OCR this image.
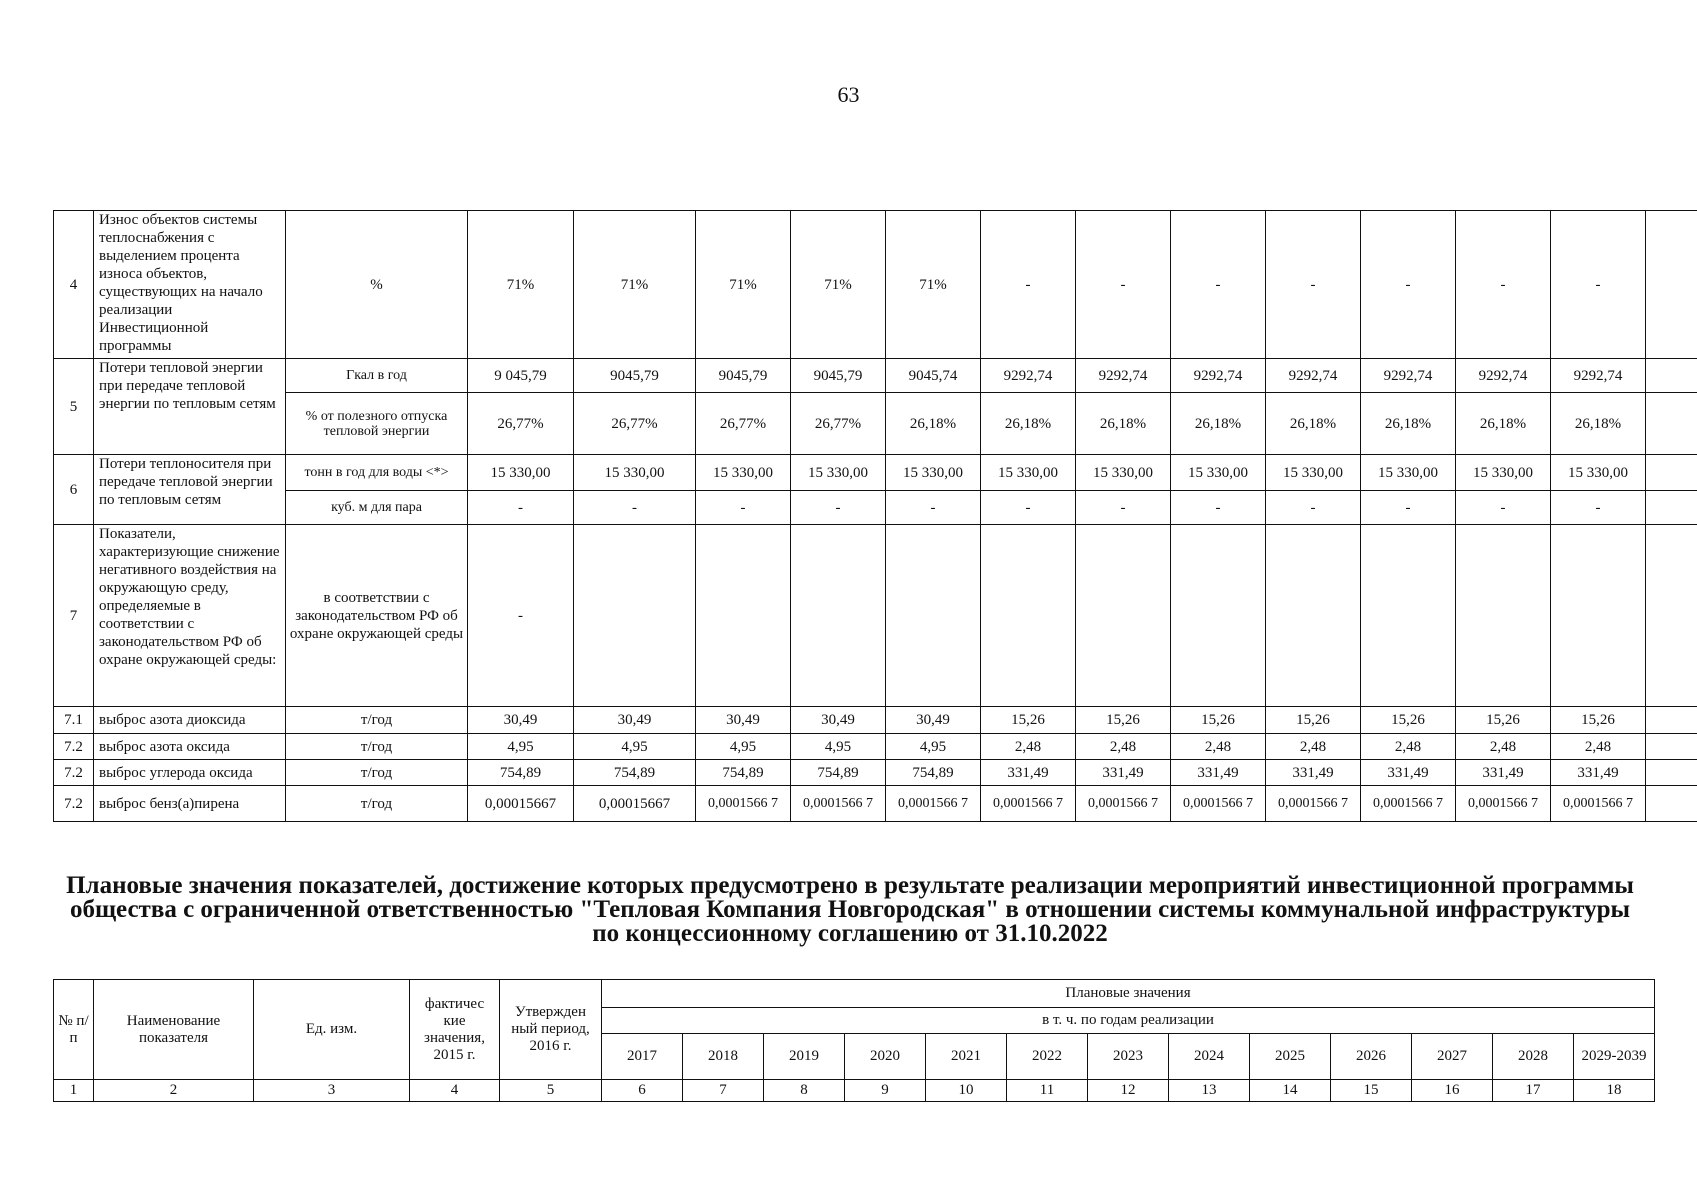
63
4	Износ объектов системы теплоснабжения с выделением процента износа объектов, существующих на начало реализации Инвестиционной программы	%	71%	71%	71%	71%	71%	-	-	-	-	-	-	-	
5	Потери тепловой энергии при передаче тепловой энергии по тепловым сетям	Гкал в год	9 045,79	9045,79	9045,79	9045,79	9045,74	9292,74	9292,74	9292,74	9292,74	9292,74	9292,74	9292,74	
		% от полезного отпуска тепловой энергии	26,77%	26,77%	26,77%	26,77%	26,18%	26,18%	26,18%	26,18%	26,18%	26,18%	26,18%	26,18%	
6	Потери теплоносителя при передаче тепловой энергии по тепловым сетям	тонн в год для воды <*>	15 330,00	15 330,00	15 330,00	15 330,00	15 330,00	15 330,00	15 330,00	15 330,00	15 330,00	15 330,00	15 330,00	15 330,00	
		куб. м для пара	-	-	-	-	-	-	-	-	-	-	-	-	
7	Показатели, характеризующие снижение негативного воздействия на окружающую среду, определяемые в соответствии с законодательством РФ об охране окружающей среды:	в соответствии с законодательством РФ об охране окружающей среды	-												
7.1	выброс азота диоксида	т/год	30,49	30,49	30,49	30,49	30,49	15,26	15,26	15,26	15,26	15,26	15,26	15,26	
7.2	выброс азота оксида	т/год	4,95	4,95	4,95	4,95	4,95	2,48	2,48	2,48	2,48	2,48	2,48	2,48	
7.2	выброс углерода оксида	т/год	754,89	754,89	754,89	754,89	754,89	331,49	331,49	331,49	331,49	331,49	331,49	331,49	
7.2	выброс бенз(а)пирена	т/год	0,00015667	0,00015667	0,0001566 7	0,0001566 7	0,0001566 7	0,0001566 7	0,0001566 7	0,0001566 7	0,0001566 7	0,0001566 7	0,0001566 7	0,0001566 7	
Плановые значения показателей, достижение которых предусмотрено в результате реализации мероприятий инвестиционной программы общества с ограниченной ответственностью "Тепловая Компания Новгородская" в отношении системы коммунальной инфраструктуры по концессионному соглашению от 31.10.2022
№ п/ п	Наименование показателя	Ед. изм.	фактичес кие значения, 2015 г.	Утвержден ный период, 2016 г.	Плановые значения												
					в т. ч. по годам реализации												
					2017	2018	2019	2020	2021	2022	2023	2024	2025	2026	2027	2028	2029-2039
1	2	3	4	5	6	7	8	9	10	11	12	13	14	15	16	17	18
